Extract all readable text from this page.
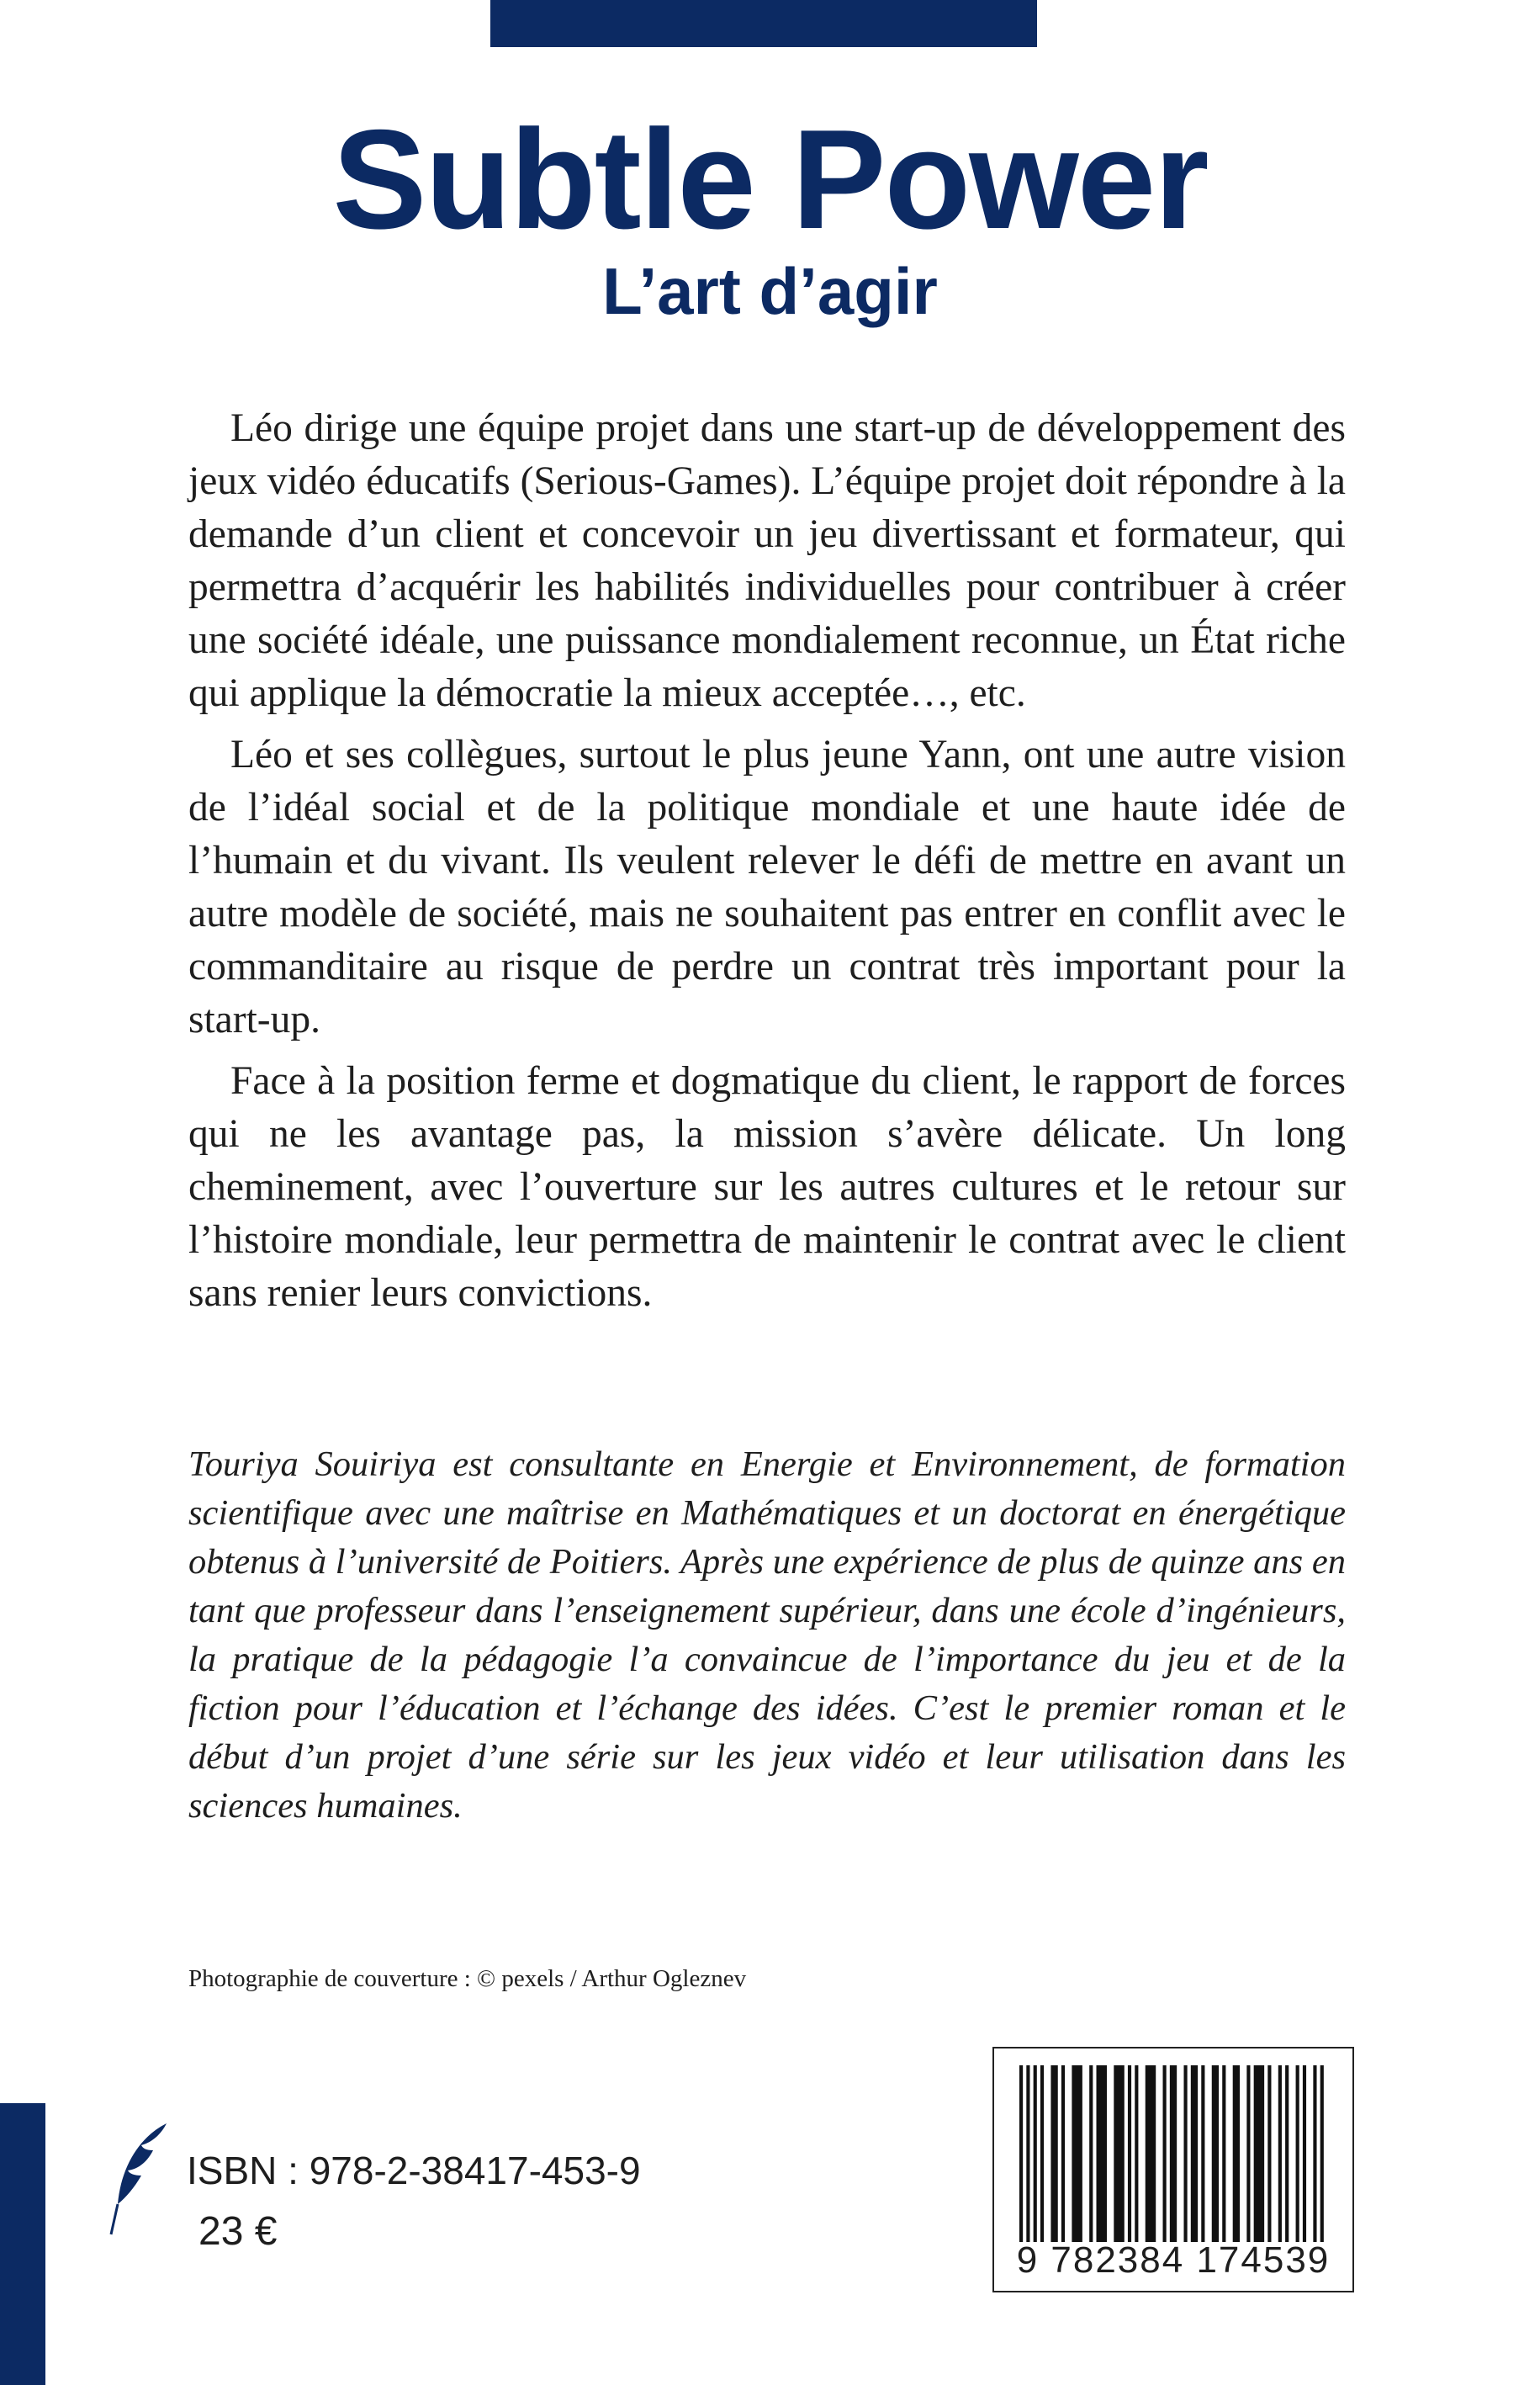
Subtle Power
L’art d’agir

Léo dirige une équipe projet dans une start-up de développement des jeux vidéo éducatifs (Serious-Games). L’équipe projet doit répondre à la demande d’un client et concevoir un jeu divertissant et formateur, qui permettra d’acquérir les habilités individuelles pour contribuer à créer une société idéale, une puissance mondialement reconnue, un État riche qui applique la démocratie la mieux acceptée…, etc.

Léo et ses collègues, surtout le plus jeune Yann, ont une autre vision de l’idéal social et de la politique mondiale et une haute idée de l’humain et du vivant. Ils veulent relever le défi de mettre en avant un autre modèle de société, mais ne souhaitent pas entrer en conflit avec le commanditaire au risque de perdre un contrat très important pour la start-up.

Face à la position ferme et dogmatique du client, le rapport de forces qui ne les avantage pas, la mission s’avère délicate. Un long cheminement, avec l’ouverture sur les autres cultures et le retour sur l’histoire mondiale, leur permettra de maintenir le contrat avec le client sans renier leurs convictions.

Touriya Souiriya est consultante en Energie et Environnement, de formation scientifique avec une maîtrise en Mathématiques et un doctorat en énergétique obtenus à l’université de Poitiers. Après une expérience de plus de quinze ans en tant que professeur dans l’enseignement supérieur, dans une école d’ingénieurs, la pratique de la pédagogie l’a convaincue de l’importance du jeu et de la fiction pour l’éducation et l’échange des idées. C’est le premier roman et le début d’un projet d’une série sur les jeux vidéo et leur utilisation dans les sciences humaines.

Photographie de couverture : © pexels / Arthur Ogleznev
ISBN : 978-2-38417-453-9
23 €
9 782384 174539
